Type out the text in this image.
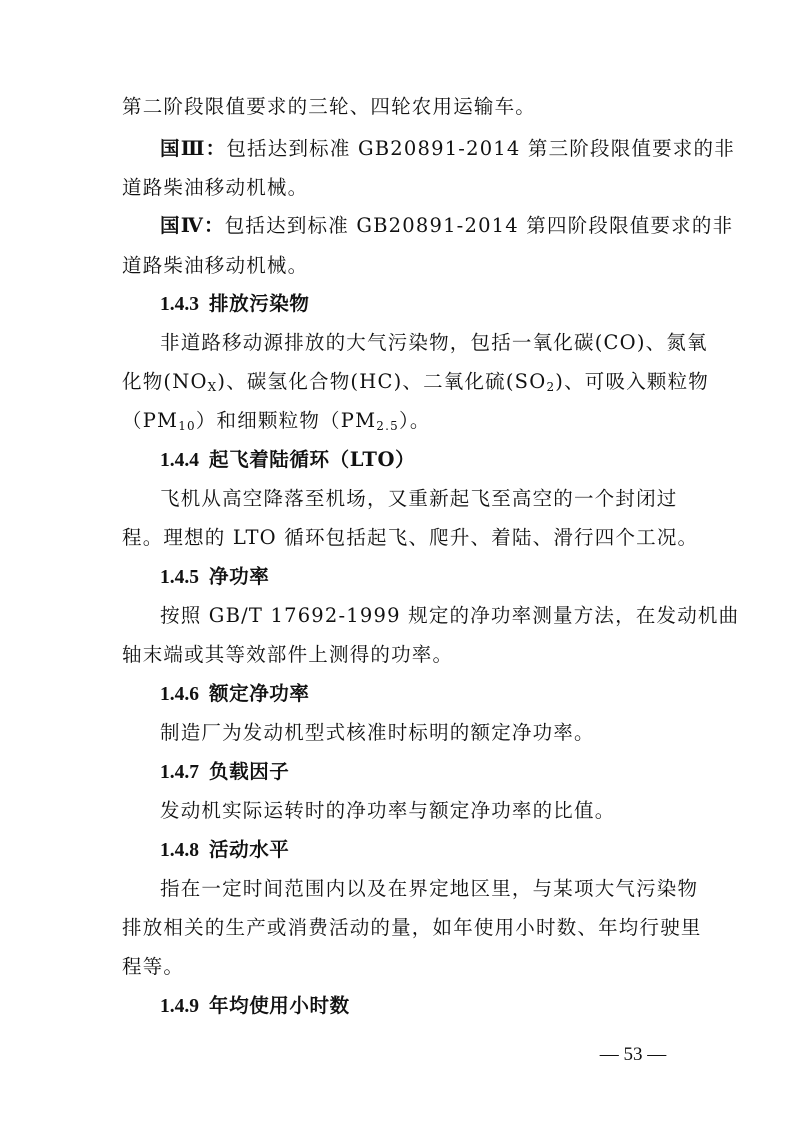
第二阶段限值要求的三轮、四轮农用运输车。
国Ⅲ：包括达到标准 GB20891-2014 第三阶段限值要求的非
道路柴油移动机械。
国Ⅳ：包括达到标准 GB20891-2014 第四阶段限值要求的非
道路柴油移动机械。
1.4.3 排放污染物
非道路移动源排放的大气污染物，包括一氧化碳(CO)、氮氧
化物$(NO_X)$、碳氢化合物(HC)、二氧化硫$(SO_2)$、可吸入颗粒物
$(PM_{10})$和细颗粒物$(PM_{2.5})$。
1.4.4 起飞着陆循环（LTO）
飞机从高空降落至机场，又重新起飞至高空的一个封闭过
程。理想的 LTO 循环包括起飞、爬升、着陆、滑行四个工况。
1.4.5 净功率
按照 GB/T 17692-1999 规定的净功率测量方法，在发动机曲
轴末端或其等效部件上测得的功率。
1.4.6 额定净功率
制造厂为发动机型式核准时标明的额定净功率。
1.4.7 负载因子
发动机实际运转时的净功率与额定净功率的比值。
1.4.8 活动水平
指在一定时间范围内以及在界定地区里，与某项大气污染物
排放相关的生产或消费活动的量，如年使用小时数、年均行驶里
程等。
1.4.9 年均使用小时数
— 53 —
